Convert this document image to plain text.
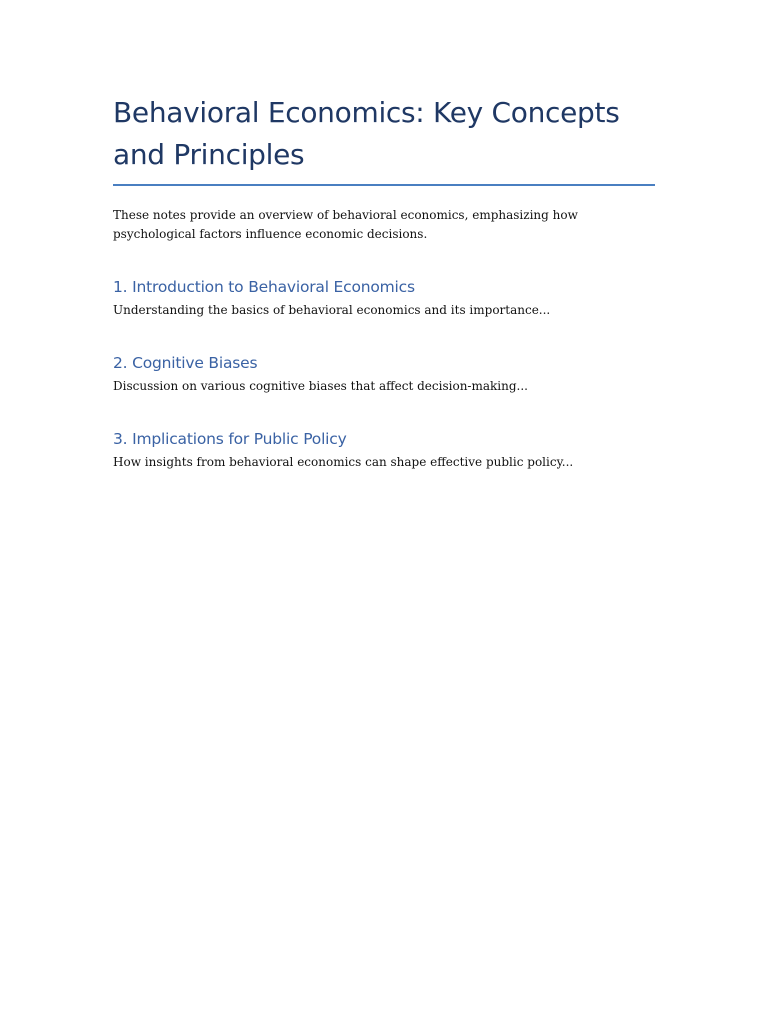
Behavioral Economics: Key Concepts and Principles

These notes provide an overview of behavioral economics, emphasizing how psychological factors influence economic decisions.

1. Introduction to Behavioral Economics

Understanding the basics of behavioral economics and its importance...

2. Cognitive Biases

Discussion on various cognitive biases that affect decision-making...

3. Implications for Public Policy

How insights from behavioral economics can shape effective public policy...
